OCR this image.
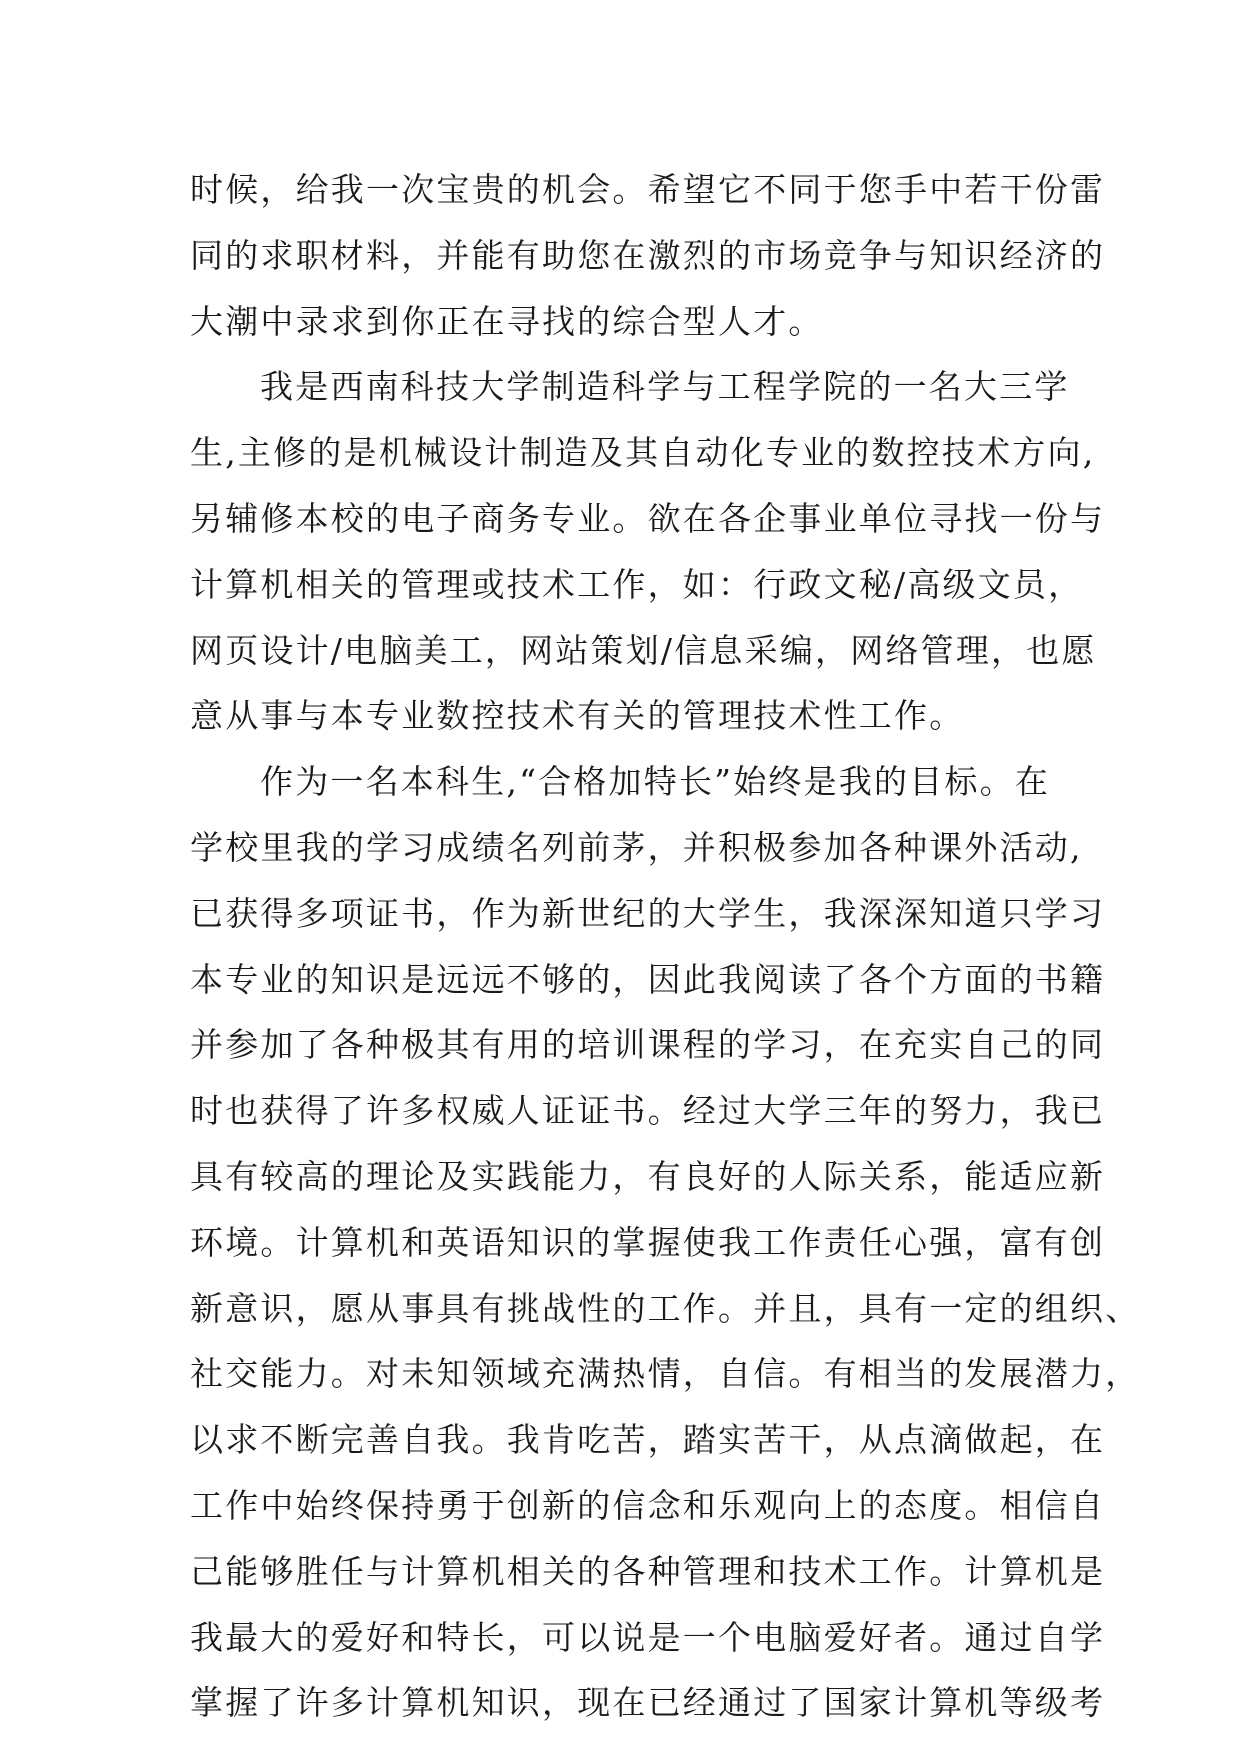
时候，给我一次宝贵的机会。希望它不同于您手中若干份雷
同的求职材料，并能有助您在激烈的市场竞争与知识经济的
大潮中录求到你正在寻找的综合型人才。
我是西南科技大学制造科学与工程学院的一名大三学
生,主修的是机械设计制造及其自动化专业的数控技术方向,
另辅修本校的电子商务专业。欲在各企事业单位寻找一份与
计算机相关的管理或技术工作，如：行政文秘/高级文员，
网页设计/电脑美工，网站策划/信息采编，网络管理，也愿
意从事与本专业数控技术有关的管理技术性工作。
作为一名本科生,“合格加特长”始终是我的目标。在
学校里我的学习成绩名列前茅，并积极参加各种课外活动,
已获得多项证书，作为新世纪的大学生，我深深知道只学习
本专业的知识是远远不够的，因此我阅读了各个方面的书籍
并参加了各种极其有用的培训课程的学习，在充实自己的同
时也获得了许多权威人证证书。经过大学三年的努力，我已
具有较高的理论及实践能力，有良好的人际关系，能适应新
环境。计算机和英语知识的掌握使我工作责任心强，富有创
新意识，愿从事具有挑战性的工作。并且，具有一定的组织、
社交能力。对未知领域充满热情，自信。有相当的发展潜力，
以求不断完善自我。我肯吃苦，踏实苦干，从点滴做起，在
工作中始终保持勇于创新的信念和乐观向上的态度。相信自
己能够胜任与计算机相关的各种管理和技术工作。计算机是
我最大的爱好和特长，可以说是一个电脑爱好者。通过自学
掌握了许多计算机知识，现在已经通过了国家计算机等级考
